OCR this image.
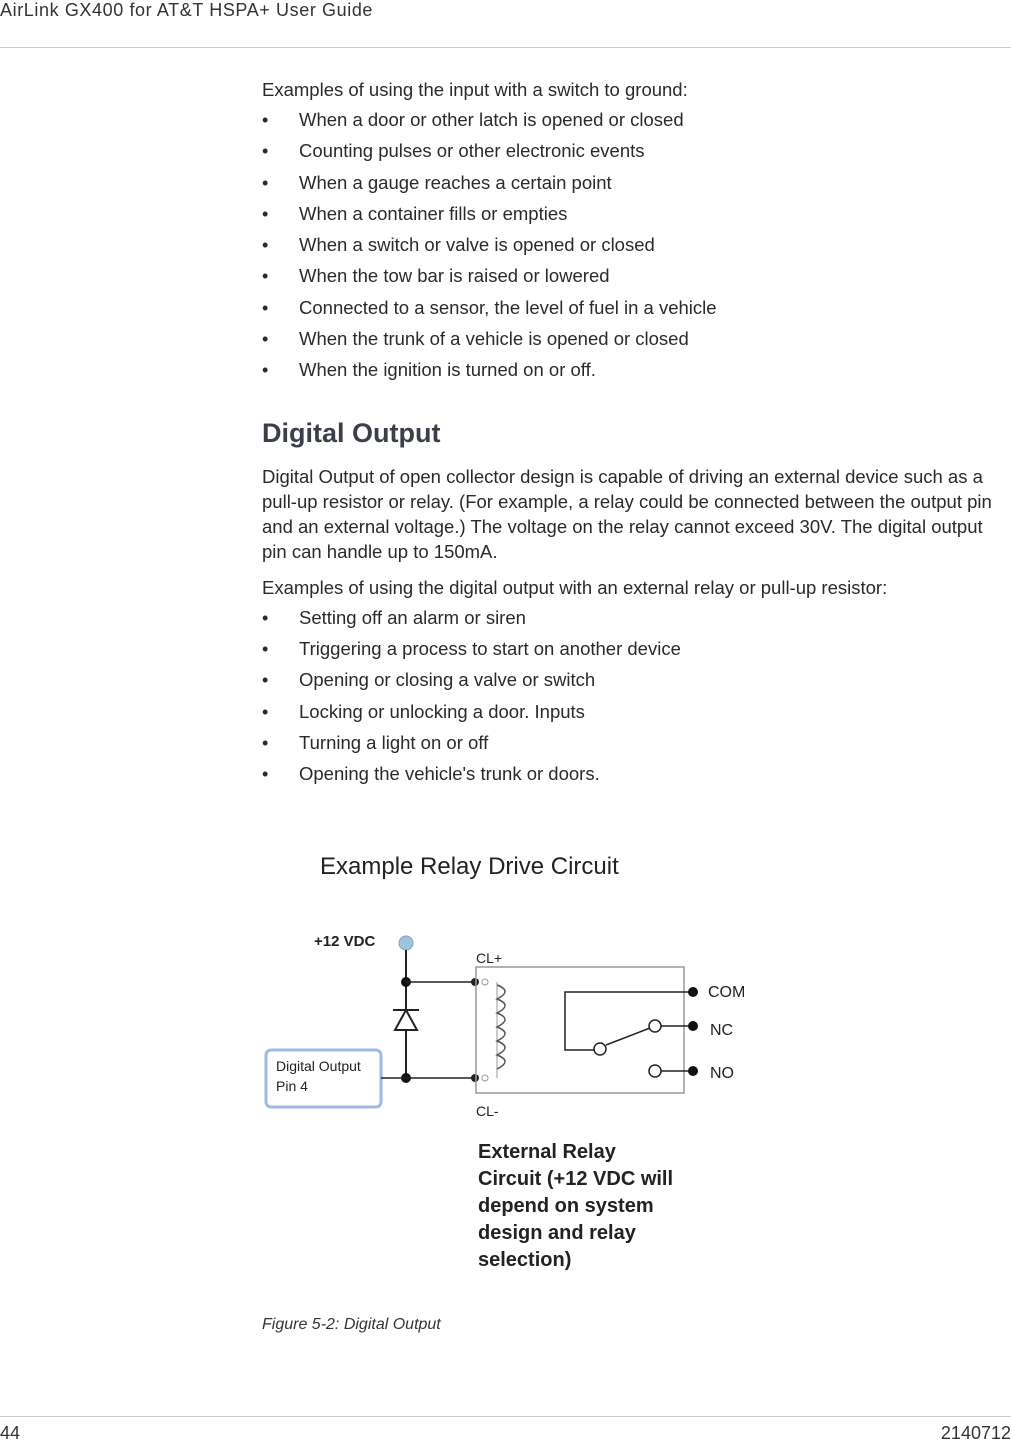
AirLink GX400 for AT&T HSPA+ User Guide

Examples of using the input with a switch to ground:

• When a door or other latch is opened or closed
• Counting pulses or other electronic events
• When a gauge reaches a certain point
• When a container fills or empties
• When a switch or valve is opened or closed
• When the tow bar is raised or lowered
• Connected to a sensor, the level of fuel in a vehicle
• When the trunk of a vehicle is opened or closed
• When the ignition is turned on or off.
Digital Output

Digital Output of open collector design is capable of driving an external device such as a pull-up resistor or relay. (For example, a relay could be connected between the output pin and an external voltage.) The voltage on the relay cannot exceed 30V. The digital output pin can handle up to 150mA.

Examples of using the digital output with an external relay or pull-up resistor:

• Setting off an alarm or siren
• Triggering a process to start on another device
• Opening or closing a valve or switch
• Locking or unlocking a door. Inputs
• Turning a light on or off
• Opening the vehicle's trunk or doors.
Example Relay Drive Circuit
+12 VDC
CL+
CL-
COM
NC
NO
Digital Output
Pin 4
External Relay
Circuit (+12 VDC will
depend on system
design and relay
selection)
Figure 5-2: Digital Output
44	2140712
